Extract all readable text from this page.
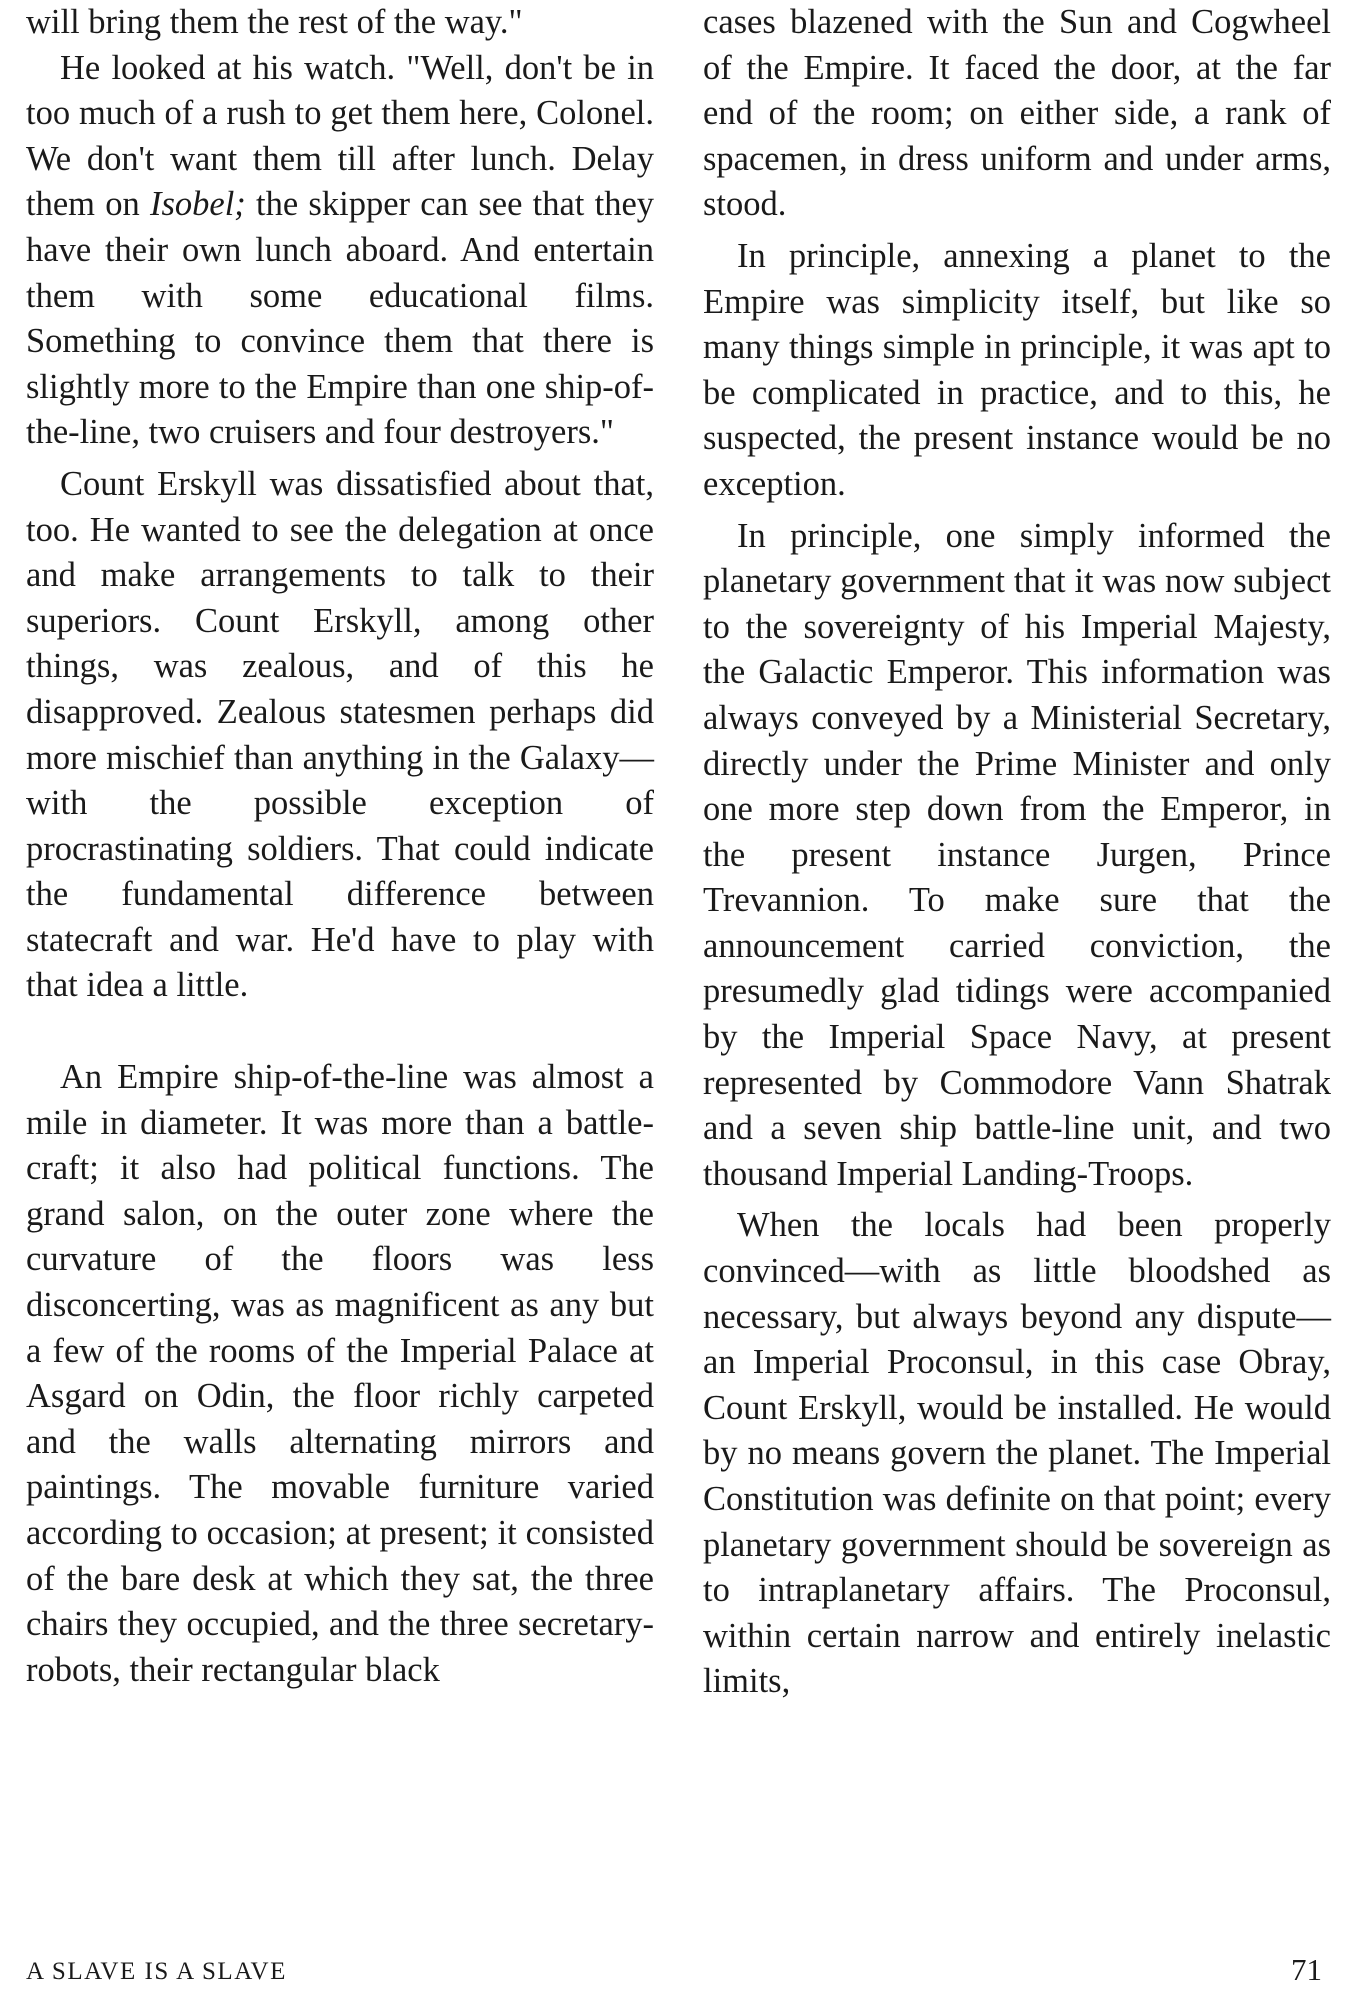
will bring them the rest of the way."

He looked at his watch. "Well, don't be in too much of a rush to get them here, Colonel. We don't want them till after lunch. Delay them on Isobel; the skipper can see that they have their own lunch aboard. And entertain them with some educational films. Something to convince them that there is slightly more to the Empire than one ship-of-the-line, two cruisers and four destroyers."

Count Erskyll was dissatisfied about that, too. He wanted to see the delegation at once and make arrangements to talk to their superiors. Count Erskyll, among other things, was zealous, and of this he disapproved. Zealous statesmen perhaps did more mischief than anything in the Galaxy—with the possible exception of procrastinating soldiers. That could indicate the fundamental difference between statecraft and war. He'd have to play with that idea a little.

An Empire ship-of-the-line was almost a mile in diameter. It was more than a battle-craft; it also had political functions. The grand salon, on the outer zone where the curvature of the floors was less disconcerting, was as magnificent as any but a few of the rooms of the Imperial Palace at Asgard on Odin, the floor richly carpeted and the walls alternating mirrors and paintings. The movable furniture varied according to occasion; at present; it consisted of the bare desk at which they sat, the three chairs they occupied, and the three secretary-robots, their rectangular black

cases blazened with the Sun and Cogwheel of the Empire. It faced the door, at the far end of the room; on either side, a rank of spacemen, in dress uniform and under arms, stood.

In principle, annexing a planet to the Empire was simplicity itself, but like so many things simple in principle, it was apt to be complicated in practice, and to this, he suspected, the present instance would be no exception.

In principle, one simply informed the planetary government that it was now subject to the sovereignty of his Imperial Majesty, the Galactic Emperor. This information was always conveyed by a Ministerial Secretary, directly under the Prime Minister and only one more step down from the Emperor, in the present instance Jurgen, Prince Trevannion. To make sure that the announcement carried conviction, the presumedly glad tidings were accompanied by the Imperial Space Navy, at present represented by Commodore Vann Shatrak and a seven ship battle-line unit, and two thousand Imperial Landing-Troops.

When the locals had been properly convinced—with as little bloodshed as necessary, but always beyond any dispute—an Imperial Proconsul, in this case Obray, Count Erskyll, would be installed. He would by no means govern the planet. The Imperial Constitution was definite on that point; every planetary government should be sovereign as to intraplanetary affairs. The Proconsul, within certain narrow and entirely inelastic limits,

A SLAVE IS A SLAVE	71
